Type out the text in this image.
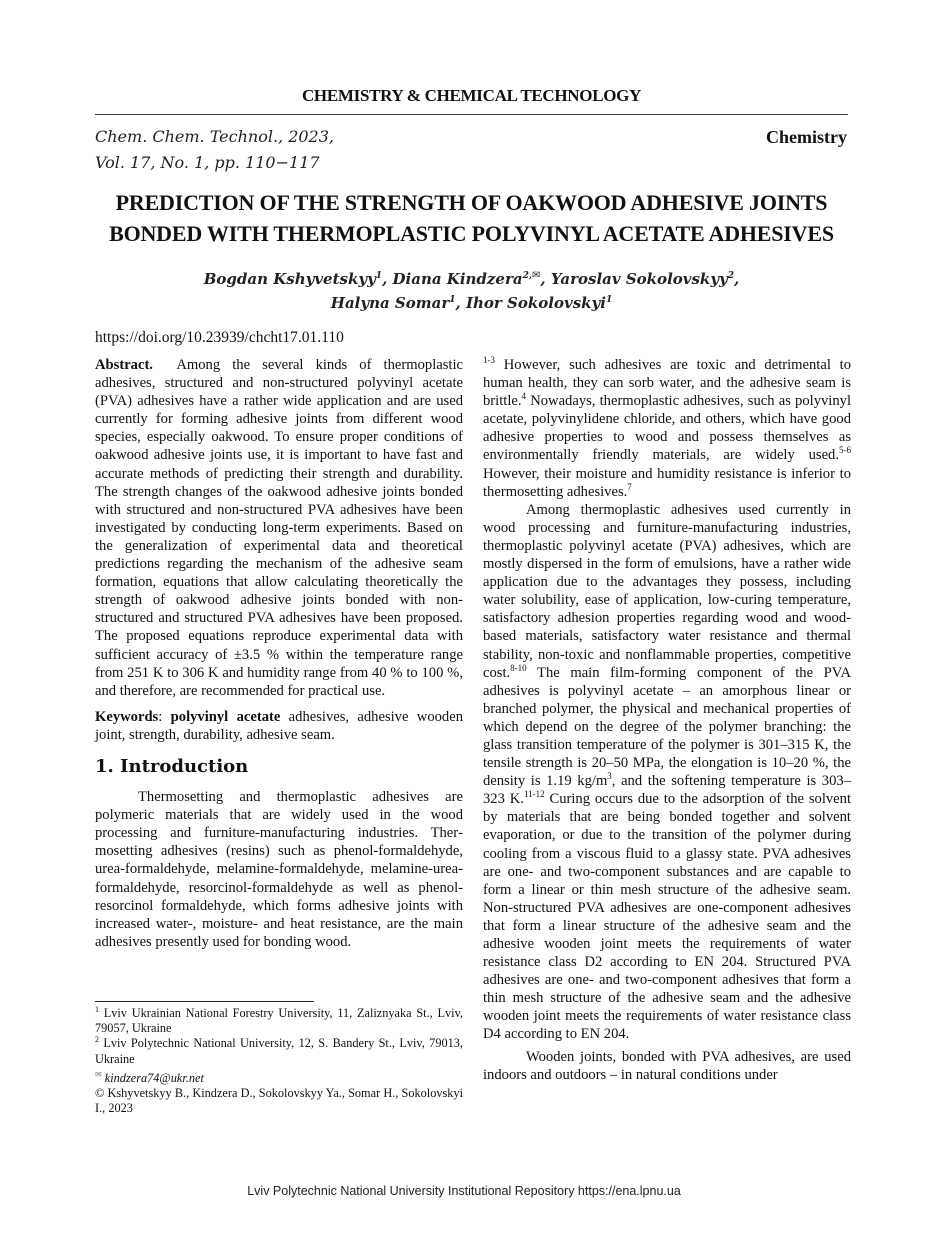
CHEMISTRY & CHEMICAL TECHNOLOGY
Chem. Chem. Technol., 2023,
Vol. 17, No. 1, pp. 110−117
Chemistry
PREDICTION OF THE STRENGTH OF OAKWOOD ADHESIVE JOINTS
BONDED WITH THERMOPLASTIC POLYVINYL ACETATE ADHESIVES
Bogdan Kshyvetskyy$^1$, Diana Kindzera$^{2,✉}$, Yaroslav Sokolovskyy$^2$,
Halyna Somar$^1$, Ihor Sokolovskyi$^1$
https://doi.org/10.23939/chcht17.01.110

Abstract. Among the several kinds of thermoplastic adhesives, structured and non-structured polyvinyl acetate (PVA) adhesives have a rather wide application and are used currently for forming adhesive joints from different wood species, especially oakwood. To ensure proper conditions of oakwood adhesive joints use, it is important to have fast and accurate methods of predicting their strength and durability. The strength changes of the oakwood adhesive joints bonded with structured and non-structured PVA adhesives have been investigated by conducting long-term experiments. Based on the generalization of experimental data and theoretical predictions regarding the mechanism of the adhesive seam formation, equations that allow calculating theoretically the strength of oakwood adhesive joints bonded with non-structured and structured PVA adhesives have been proposed. The proposed equations reproduce experimental data with sufficient accuracy of ±3.5 % within the temperature range from 251 K to 306 K and humidity range from 40 % to 100 %, and therefore, are recommended for practical use.

Keywords: polyvinyl acetate adhesives, adhesive wooden joint, strength, durability, adhesive seam.

1. Introduction

Thermosetting and thermoplastic adhesives are polymeric materials that are widely used in the wood processing and furniture-manufacturing industries. Thermosetting adhesives (resins) such as phenol-formaldehyde, urea-formaldehyde, melamine-formaldehyde, melamine-urea-formaldehyde, resorcinol-formaldehyde as well as phenol-resorcinol formaldehyde, which forms adhesive joints with increased water-, moisture- and heat resistance, are the main adhesives presently used for bonding wood.

$^{1-3}$ However, such adhesives are toxic and detrimental to human health, they can sorb water, and the adhesive seam is brittle.$^4$ Nowadays, thermoplastic adhesives, such as polyvinyl acetate, polyvinylidene chloride, and others, which have good adhesive properties to wood and possess themselves as environmentally friendly materials, are widely used.$^{5-6}$ However, their moisture and humidity resistance is inferior to thermosetting adhesives.$^7$

Among thermoplastic adhesives used currently in wood processing and furniture-manufacturing industries, thermoplastic polyvinyl acetate (PVA) adhesives, which are mostly dispersed in the form of emulsions, have a rather wide application due to the advantages they possess, including water solubility, ease of application, low-curing temperature, satisfactory adhesion properties regarding wood and wood-based materials, satisfactory water resistance and thermal stability, non-toxic and nonflammable properties, competitive cost.$^{8-10}$ The main film-forming component of the PVA adhesives is polyvinyl acetate – an amorphous linear or branched polymer, the physical and mechanical properties of which depend on the degree of the polymer branching: the glass transition temperature of the polymer is 301–315 K, the tensile strength is 20–50 MPa, the elongation is 10–20 %, the density is 1.19 $kg/m^3$, and the softening temperature is 303–323 K.$^{11-12}$ Curing occurs due to the adsorption of the solvent by materials that are being bonded together and solvent evaporation, or due to the transition of the polymer during cooling from a viscous fluid to a glassy state. PVA adhesives are one- and two-component substances and are capable to form a linear or thin mesh structure of the adhesive seam. Non-structured PVA adhesives are one-component adhesives that form a linear structure of the adhesive seam and the adhesive wooden joint meets the requirements of water resistance class D2 according to EN 204. Structured PVA adhesives are one- and two-component adhesives that form a thin mesh structure of the adhesive seam and the adhesive wooden joint meets the requirements of water resistance class D4 according to EN 204.

Wooden joints, bonded with PVA adhesives, are used indoors and outdoors – in natural conditions under

$^1$ Lviv Ukrainian National Forestry University, 11, Zaliznyaka St., Lviv, 79057, Ukraine

$^2$ Lviv Polytechnic National University, 12, S. Bandery St., Lviv, 79013, Ukraine

✉ kindzera74@ukr.net

© Kshyvetskyy B., Kindzera D., Sokolovskyy Ya., Somar H., Sokolovskyi I., 2023

Lviv Polytechnic National University Institutional Repository https://ena.lpnu.ua
